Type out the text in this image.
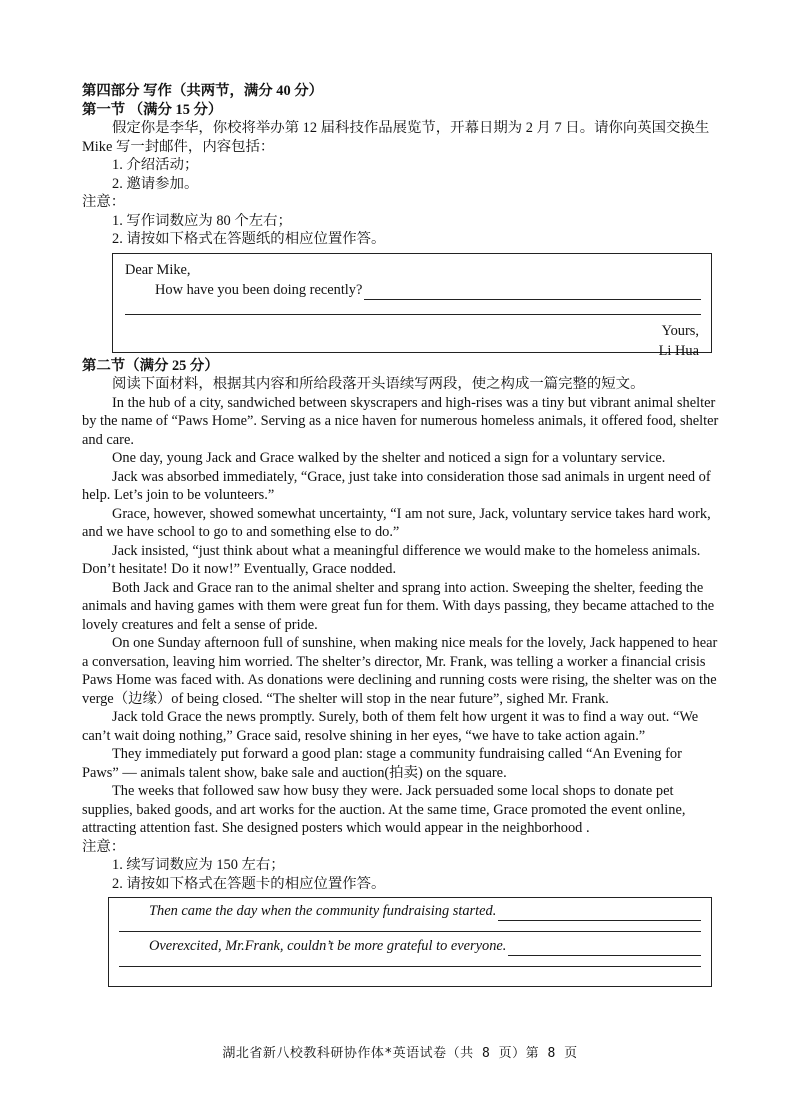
第四部分 写作（共两节，满分 40 分）

第一节 （满分 15 分）

假定你是李华，你校将举办第 12 届科技作品展览节，开幕日期为 2 月 7 日。请你向英国交换生 Mike 写一封邮件，内容包括：

1. 介绍活动；

2. 邀请参加。

注意：

1. 写作词数应为 80 个左右；

2. 请按如下格式在答题纸的相应位置作答。

Dear Mike,
How have you been doing recently?
Yours,
Li Hua

第二节（满分 25 分）

阅读下面材料，根据其内容和所给段落开头语续写两段，使之构成一篇完整的短文。

In the hub of a city, sandwiched between skyscrapers and high-rises was a tiny but vibrant animal shelter by the name of “Paws Home”. Serving as a nice haven for numerous homeless animals, it offered food, shelter and care.

One day, young Jack and Grace walked by the shelter and noticed a sign for a voluntary service.

Jack was absorbed immediately, “Grace, just take into consideration those sad animals in urgent need of help. Let’s join to be volunteers.”

Grace, however, showed somewhat uncertainty, “I am not sure, Jack, voluntary service takes hard work, and we have school to go to and something else to do.”

Jack insisted, “just think about what a meaningful difference we would make to the homeless animals. Don’t hesitate! Do it now!” Eventually, Grace nodded.

Both Jack and Grace ran to the animal shelter and sprang into action. Sweeping the shelter, feeding the animals and having games with them were great fun for them. With days passing, they became attached to the lovely creatures and felt a sense of pride.

On one Sunday afternoon full of sunshine, when making nice meals for the lovely, Jack happened to hear a conversation, leaving him worried. The shelter’s director, Mr. Frank, was telling a worker a financial crisis Paws Home was faced with. As donations were declining and running costs were rising, the shelter was on the verge（边缘）of being closed. “The shelter will stop in the near future”, sighed Mr. Frank.

Jack told Grace the news promptly. Surely, both of them felt how urgent it was to find a way out. “We can’t wait doing nothing,” Grace said, resolve shining in her eyes, “we have to take action again.”

They immediately put forward a good plan: stage a community fundraising called “An Evening for Paws” — animals talent show, bake sale and auction(拍卖) on the square.

The weeks that followed saw how busy they were. Jack persuaded some local shops to donate pet supplies, baked goods, and art works for the auction. At the same time, Grace promoted the event online, attracting attention fast. She designed posters which would appear in the neighborhood .

注意：

1. 续写词数应为 150 左右；

2. 请按如下格式在答题卡的相应位置作答。

Then came the day when the community fundraising started.
Overexcited, Mr.Frank, couldn’t be more grateful to everyone.
湖北省新八校教科研协作体*英语试卷（共 8 页）第 8 页
